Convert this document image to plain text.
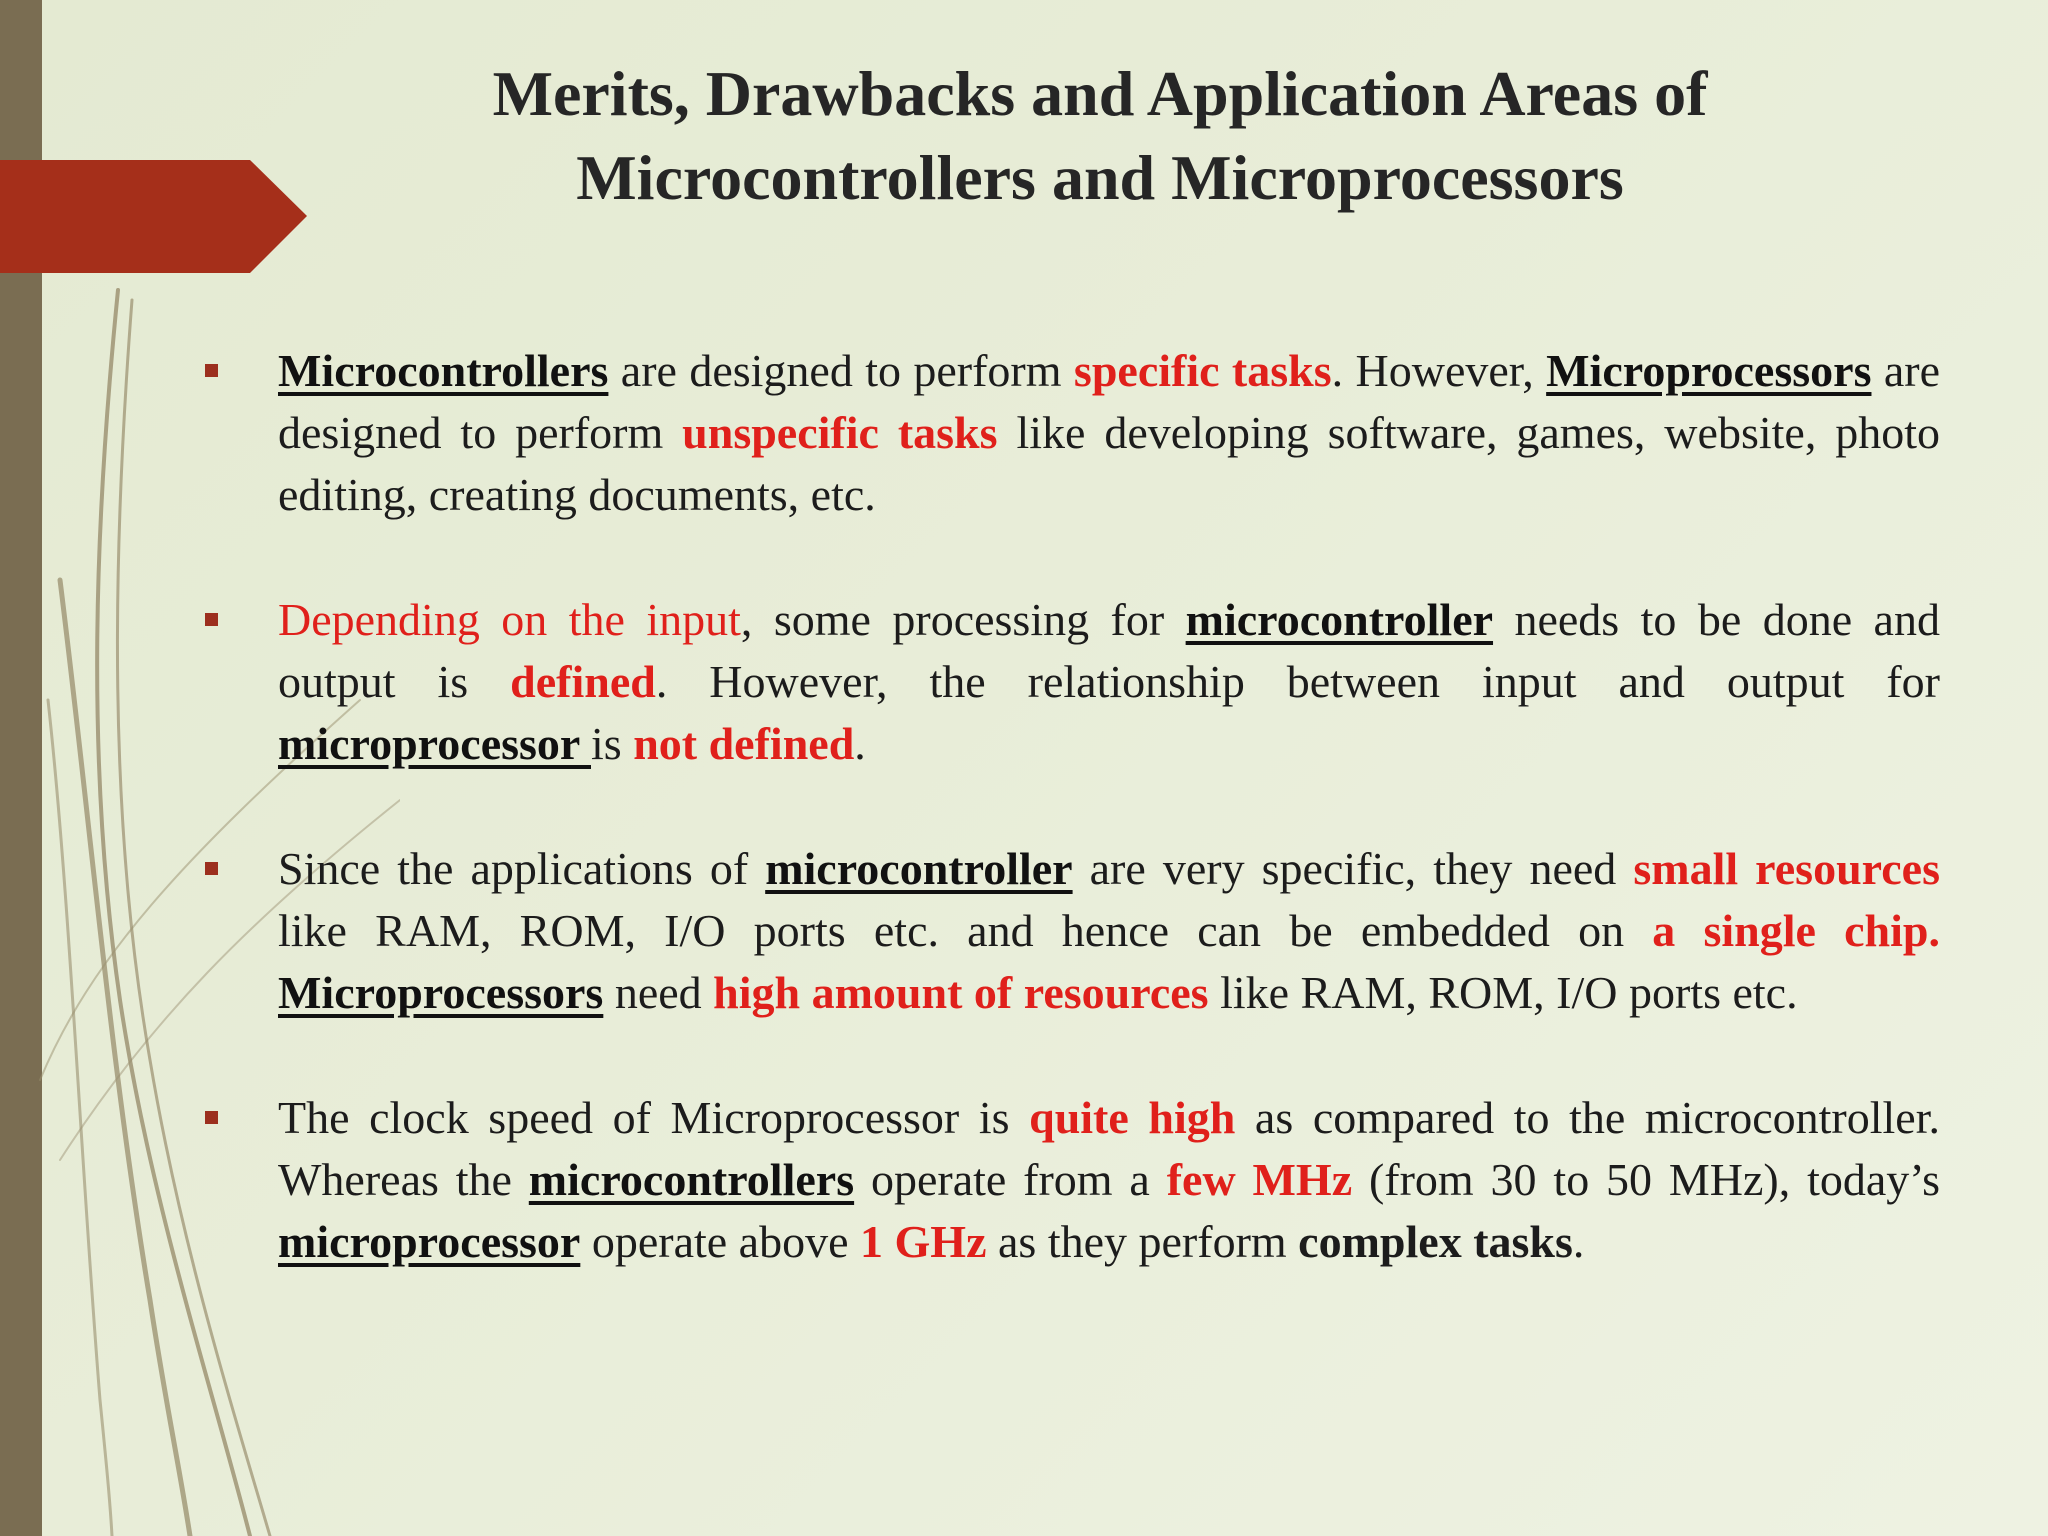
Merits, Drawbacks and Application Areas of
Microcontrollers and Microprocessors
Microcontrollers are designed to perform specific tasks. However, Microprocessors are designed to perform unspecific tasks like developing software, games, website, photo editing, creating documents, etc.
Depending on the input, some processing for microcontroller needs to be done and output is defined. However, the relationship between input and output for microprocessor is not defined.
Since the applications of microcontroller are very specific, they need small resources like RAM, ROM, I/O ports etc. and hence can be embedded on a single chip. Microprocessors need high amount of resources like RAM, ROM, I/O ports etc.
The clock speed of Microprocessor is quite high as compared to the microcontroller. Whereas the microcontrollers operate from a few MHz (from 30 to 50 MHz), today’s microprocessor operate above 1 GHz as they perform complex tasks.
